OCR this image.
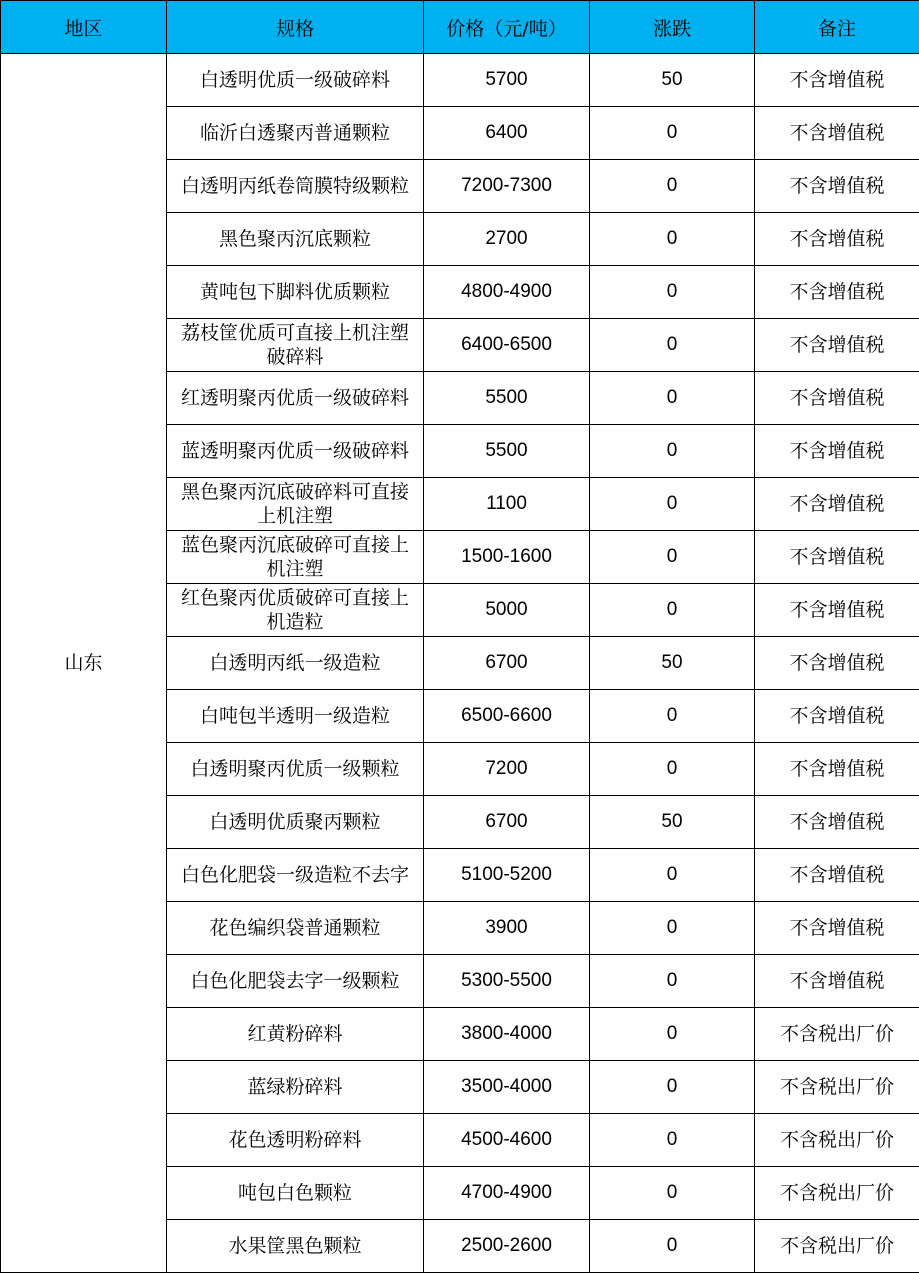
地区	规格	价格（元/吨）	涨跌	备注
山东	白透明优质一级破碎料	5700	50	不含增值税
	临沂白透聚丙普通颗粒	6400	0	不含增值税
	白透明丙纸卷筒膜特级颗粒	7200-7300	0	不含增值税
	黑色聚丙沉底颗粒	2700	0	不含增值税
	黄吨包下脚料优质颗粒	4800-4900	0	不含增值税
	荔枝筐优质可直接上机注塑破碎料	6400-6500	0	不含增值税
	红透明聚丙优质一级破碎料	5500	0	不含增值税
	蓝透明聚丙优质一级破碎料	5500	0	不含增值税
	黑色聚丙沉底破碎料可直接上机注塑	1100	0	不含增值税
	蓝色聚丙沉底破碎可直接上机注塑	1500-1600	0	不含增值税
	红色聚丙优质破碎可直接上机造粒	5000	0	不含增值税
	白透明丙纸一级造粒	6700	50	不含增值税
	白吨包半透明一级造粒	6500-6600	0	不含增值税
	白透明聚丙优质一级颗粒	7200	0	不含增值税
	白透明优质聚丙颗粒	6700	50	不含增值税
	白色化肥袋一级造粒不去字	5100-5200	0	不含增值税
	花色编织袋普通颗粒	3900	0	不含增值税
	白色化肥袋去字一级颗粒	5300-5500	0	不含增值税
	红黄粉碎料	3800-4000	0	不含税出厂价
	蓝绿粉碎料	3500-4000	0	不含税出厂价
	花色透明粉碎料	4500-4600	0	不含税出厂价
	吨包白色颗粒	4700-4900	0	不含税出厂价
	水果筐黑色颗粒	2500-2600	0	不含税出厂价
